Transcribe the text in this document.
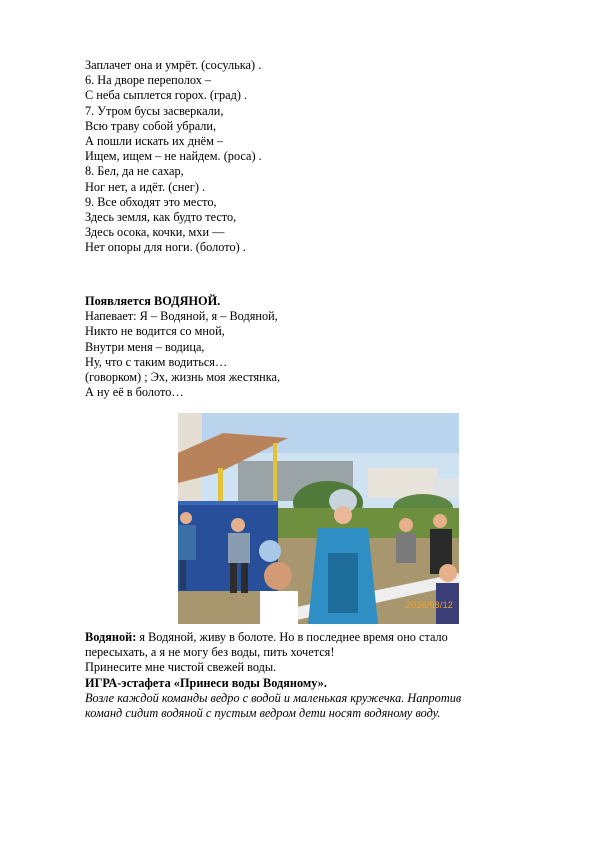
Заплачет она и умрёт. (сосулька) .
6. На дворе переполох –
С неба сыплется горох. (град) .
7. Утром бусы засверкали,
Всю траву собой убрали,
А пошли искать их днём –
Ищем, ищем – не найдем. (роса) .
8. Бел, да не сахар,
Ног нет, а идёт. (снег) .
9. Все обходят это место,
Здесь земля, как будто тесто,
Здесь осока, кочки, мхи —
Нет опоры для ноги. (болото) .
Появляется ВОДЯНОЙ.
Напевает: Я – Водяной, я – Водяной,
Никто не водится со мной,
Внутри меня – водица,
Ну, что с таким водиться…
(говорком) ; Эх, жизнь моя жестянка,
А ну её в болото…
2016/08/12
Водяной: я Водяной, живу в болоте. Но в последнее время оно стало
пересыхать, а я не могу без воды, пить хочется!
Принесите мне чистой свежей воды.
ИГРА-эстафета «Принеси воды Водяному».
Возле каждой команды ведро с водой и маленькая кружечка. Напротив
команд сидит водяной с пустым ведром дети носят водяному воду.
